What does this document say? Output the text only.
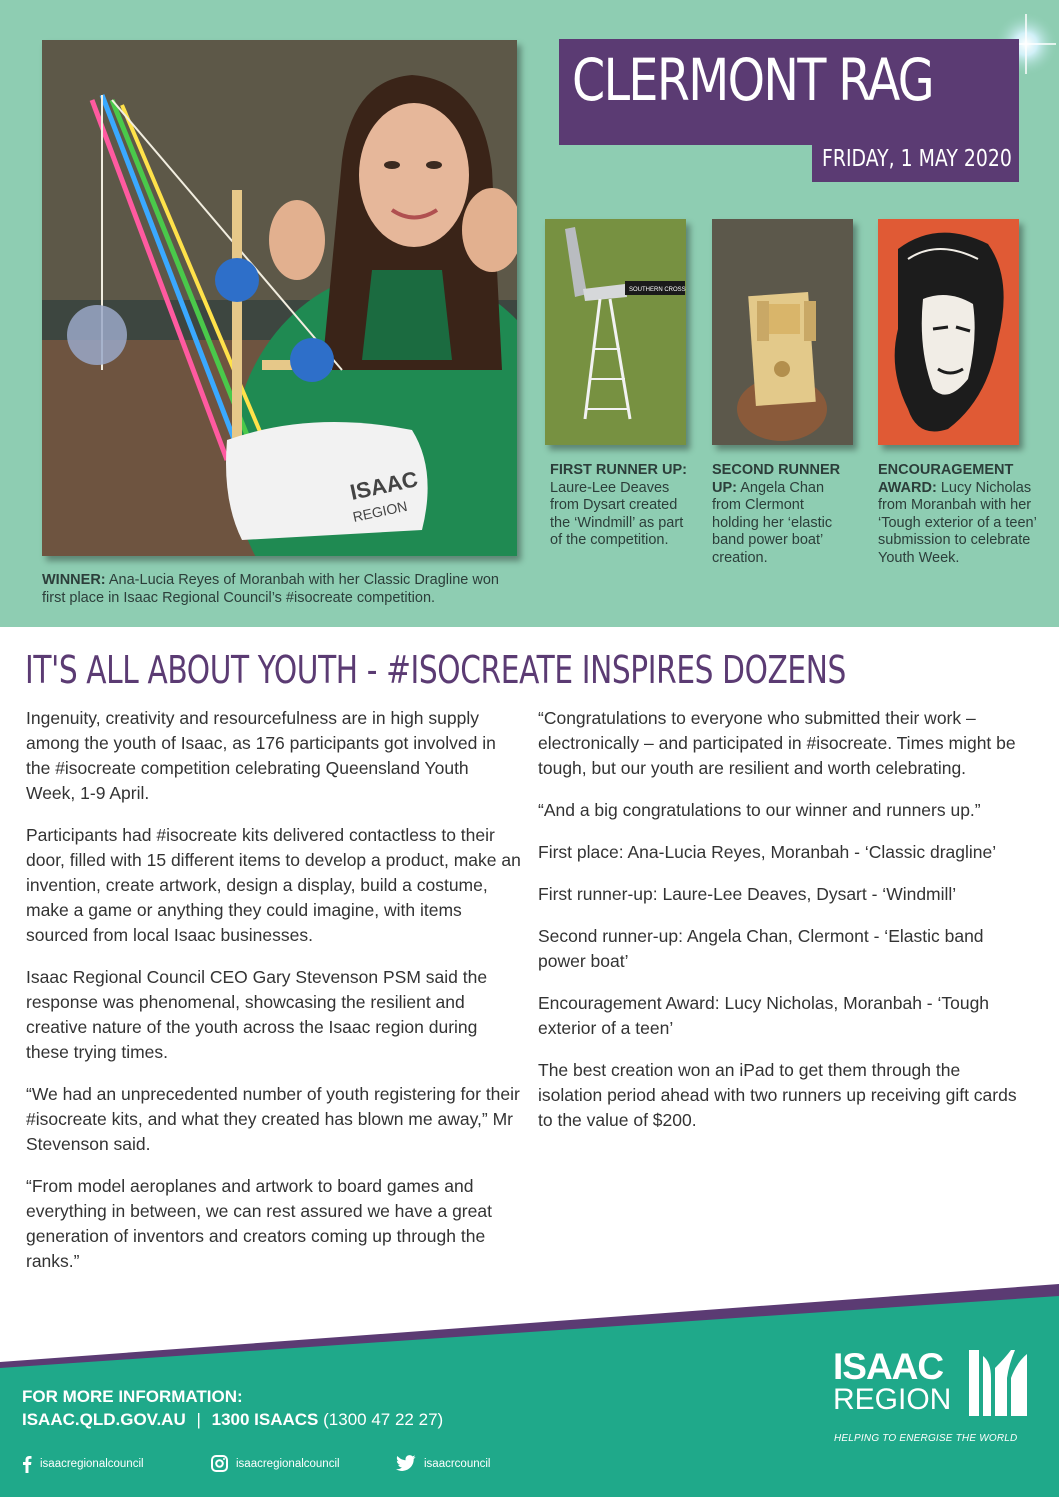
ISAAC
REGION
WINNER: Ana-Lucia Reyes of Moranbah with her Classic Dragline won first place in Isaac Regional Council’s #isocreate competition.
CLERMONT RAG
FRIDAY, 1 MAY 2020
SOUTHERN CROSS
FIRST RUNNER UP: Laure-Lee Deaves from Dysart created the ‘Windmill’ as part of the competition.
SECOND RUNNER UP: Angela Chan from Clermont holding her ‘elastic band power boat’ creation.
ENCOURAGEMENT AWARD: Lucy Nicholas from Moranbah with her ‘Tough exterior of a teen’ submission to celebrate Youth Week.
IT'S ALL ABOUT YOUTH - #ISOCREATE INSPIRES DOZENS

Ingenuity, creativity and resourcefulness are in high supply among the youth of Isaac, as 176 participants got involved in the #isocreate competition celebrating Queensland Youth Week, 1-9 April.

Participants had #isocreate kits delivered contactless to their door, filled with 15 different items to develop a product, make an invention, create artwork, design a display, build a costume, make a game or anything they could imagine, with items sourced from local Isaac businesses.

Isaac Regional Council CEO Gary Stevenson PSM said the response was phenomenal, showcasing the resilient and creative nature of the youth across the Isaac region during these trying times.

“We had an unprecedented number of youth registering for their #isocreate kits, and what they created has blown me away,” Mr Stevenson said.

“From model aeroplanes and artwork to board games and everything in between, we can rest assured we have a great generation of inventors and creators coming up through the ranks.”

“Congratulations to everyone who submitted their work – electronically – and participated in #isocreate. Times might be tough, but our youth are resilient and worth celebrating.

“And a big congratulations to our winner and runners up.”

First place: Ana-Lucia Reyes, Moranbah - ‘Classic dragline’

First runner-up: Laure-Lee Deaves, Dysart - ‘Windmill’

Second runner-up: Angela Chan, Clermont - ‘Elastic band power boat’

Encouragement Award: Lucy Nicholas, Moranbah - ‘Tough exterior of a teen’

The best creation won an iPad to get them through the isolation period ahead with two runners up receiving gift cards to the value of $200.

FOR MORE INFORMATION:
ISAAC.QLD.GOV.AU | 1300 ISAACS (1300 47 22 27)
isaacregionalcouncil	isaacregionalcouncil	isaacrcouncil
ISAAC
REGION
HELPING TO ENERGISE THE WORLD
